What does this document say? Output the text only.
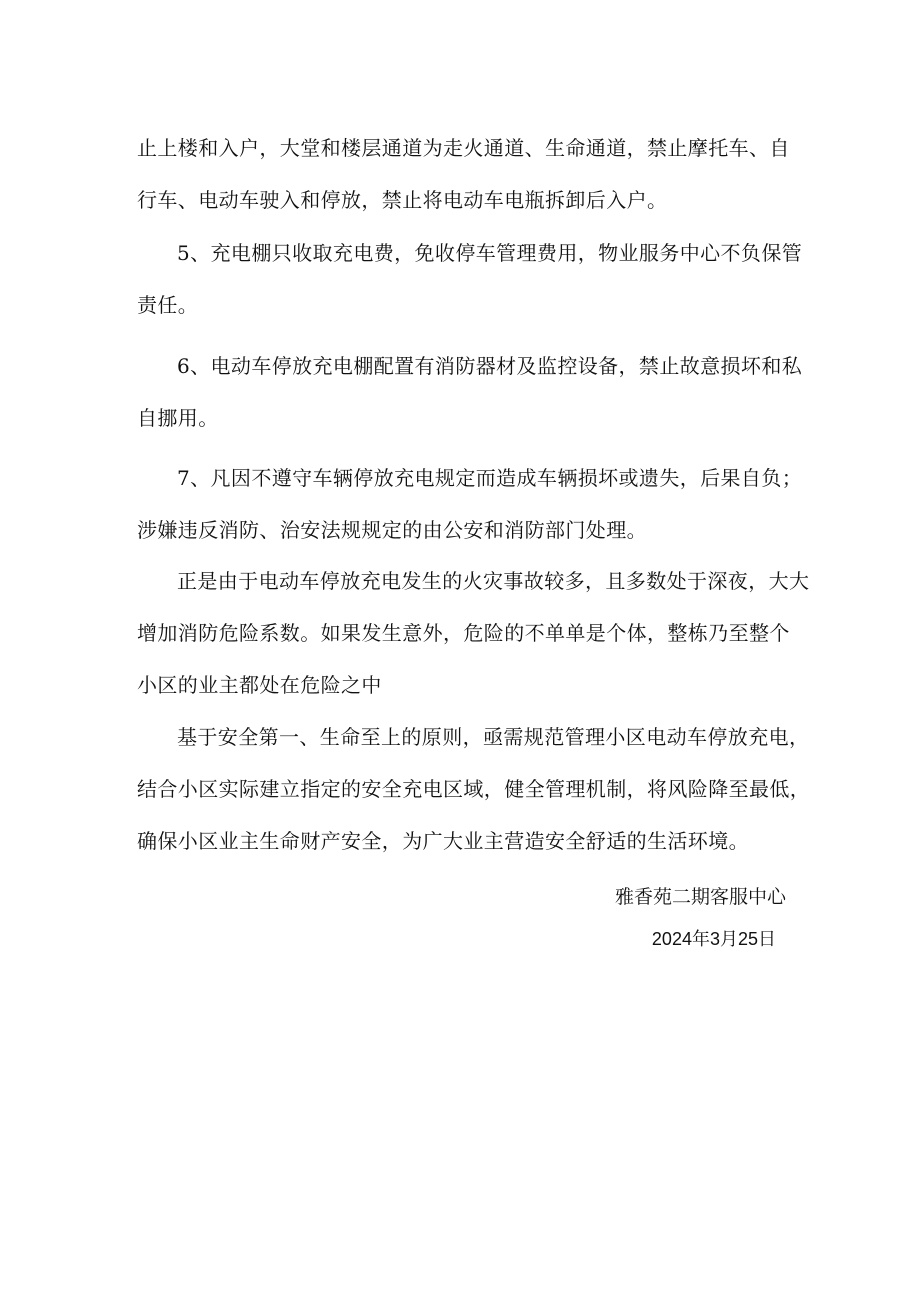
止上楼和入户，大堂和楼层通道为走火通道、生命通道，禁止摩托车、自
行车、电动车驶入和停放，禁止将电动车电瓶拆卸后入户。
5、充电棚只收取充电费，免收停车管理费用，物业服务中心不负保管
责任。
6、电动车停放充电棚配置有消防器材及监控设备，禁止故意损坏和私
自挪用。
7、凡因不遵守车辆停放充电规定而造成车辆损坏或遗失，后果自负；
涉嫌违反消防、治安法规规定的由公安和消防部门处理。
正是由于电动车停放充电发生的火灾事故较多，且多数处于深夜，大大
增加消防危险系数。如果发生意外，危险的不单单是个体，整栋乃至整个
小区的业主都处在危险之中
基于安全第一、生命至上的原则，亟需规范管理小区电动车停放充电，
结合小区实际建立指定的安全充电区域，健全管理机制，将风险降至最低，
确保小区业主生命财产安全，为广大业主营造安全舒适的生活环境。
雅香苑二期客服中心
2024年3月25日
